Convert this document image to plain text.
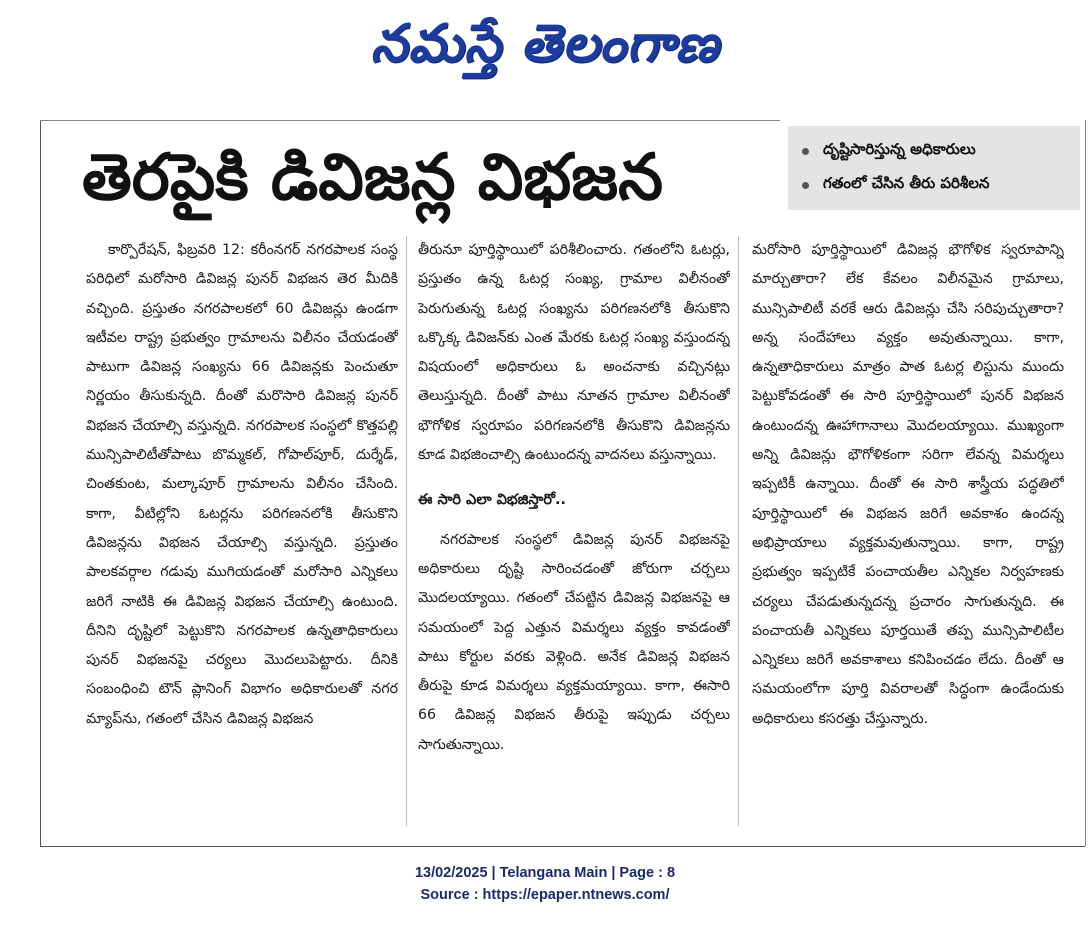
నమస్తే తెలంగాణ
తెరపైకి డివిజన్ల విభజన	దృష్టిసారిస్తున్న అధికారులు
గతంలో చేసిన తీరు పరిశీలన

కార్పొరేషన్, ఫిబ్రవరి 12: కరీంనగర్ నగరపాలక సంస్థ పరిధిలో మరోసారి డివిజన్ల పునర్ విభజన తెర మీదికి వచ్చింది. ప్రస్తుతం నగరపాలకలో 60 డివిజన్లు ఉండగా ఇటీవల రాష్ట్ర ప్రభుత్వం గ్రామాలను విలీనం చేయడంతో పాటుగా డివిజన్ల సంఖ్యను 66 డివిజన్లకు పెంచుతూ నిర్ణయం తీసుకున్నది. దీంతో మరొసారి డివిజన్ల పునర్ విభజన చేయాల్సి వస్తున్నది. నగరపాలక సంస్థలో కొత్తపల్లి మున్సిపాలిటీతోపాటు బొమ్మకల్, గోపాల్‌పూర్, దుర్శేడ్, చింతకుంట, మల్కాపూర్ గ్రామాలను విలీనం చేసింది. కాగా, వీటిల్లోని ఓటర్లను పరిగణనలోకి తీసుకొని డివిజన్లను విభజన చేయాల్సి వస్తున్నది. ప్రస్తుతం పాలకవర్గాల గడువు ముగియడంతో మరోసారి ఎన్నికలు జరిగే నాటికి ఈ డివిజన్ల విభజన చేయాల్సి ఉంటుంది. దీనిని దృష్టిలో పెట్టుకొని నగరపాలక ఉన్నతాధికారులు పునర్ విభజనపై చర్యలు మొదలుపెట్టారు. దీనికి సంబంధించి టౌన్ ప్లానింగ్ విభాగం అధికారులతో నగర మ్యాప్‌ను, గతంలో చేసిన డివిజన్ల విభజన

తీరునూ పూర్తిస్థాయిలో పరిశీలించారు. గతంలోని ఓటర్లు, ప్రస్తుతం ఉన్న ఓటర్ల సంఖ్య, గ్రామాల విలీనంతో పెరుగుతున్న ఓటర్ల సంఖ్యను పరిగణనలోకి తీసుకొని ఒక్కొక్క డివిజన్‌కు ఎంత మేరకు ఓటర్ల సంఖ్య వస్తుందన్న విషయంలో అధికారులు ఓ అంచనాకు వచ్చినట్లు తెలుస్తున్నది. దీంతో పాటు నూతన గ్రామాల విలీనంతో భౌగోళిక స్వరూపం పరిగణనలోకి తీసుకొని డివిజన్లను కూడ విభజించాల్సి ఉంటుందన్న వాదనలు వస్తున్నాయి.

ఈ సారి ఎలా విభజిస్తారో..

నగరపాలక సంస్థలో డివిజన్ల పునర్ విభజనపై అధికారులు దృష్టి సారించడంతో జోరుగా చర్చలు మొదలయ్యాయి. గతంలో చేపట్టిన డివిజన్ల విభజనపై ఆ సమయంలో పెద్ద ఎత్తున విమర్శలు వ్యక్తం కావడంతో పాటు కోర్టుల వరకు వెళ్లింది. అనేక డివిజన్ల విభజన తీరుపై కూడ విమర్శలు వ్యక్తమయ్యాయి. కాగా, ఈసారి 66 డివిజన్ల విభజన తీరుపై ఇప్పుడు చర్చలు సాగుతున్నాయి.

మరోసారి పూర్తిస్థాయిలో డివిజన్ల భౌగోళిక స్వరూపాన్ని మార్చుతారా? లేక కేవలం విలీనమైన గ్రామాలు, మున్సిపాలిటీ వరకే ఆరు డివిజన్లు చేసి సరిపుచ్చుతారా? అన్న సందేహాలు వ్యక్తం అవుతున్నాయి. కాగా, ఉన్నతాధికారులు మాత్రం పాత ఓటర్ల లిస్టును ముందు పెట్టుకోవడంతో ఈ సారి పూర్తిస్థాయిలో పునర్ విభజన ఉంటుందన్న ఊహాగానాలు మొదలయ్యాయి. ముఖ్యంగా అన్ని డివిజన్లు భౌగోళికంగా సరిగా లేవన్న విమర్శలు ఇప్పటికీ ఉన్నాయి. దీంతో ఈ సారి శాస్త్రీయ పద్ధతిలో పూర్తిస్థాయిలో ఈ విభజన జరిగే అవకాశం ఉందన్న అభిప్రాయాలు వ్యక్తమవుతున్నాయి. కాగా, రాష్ట్ర ప్రభుత్వం ఇప్పటికే పంచాయతీల ఎన్నికల నిర్వహణకు చర్యలు చేపడుతున్నదన్న ప్రచారం సాగుతున్నది. ఈ పంచాయతీ ఎన్నికలు పూర్తయితే తప్ప మున్సిపాలిటీల ఎన్నికలు జరిగే అవకాశాలు కనిపించడం లేదు. దీంతో ఆ సమయంలోగా పూర్తి వివరాలతో సిద్ధంగా ఉండేందుకు అధికారులు కసరత్తు చేస్తున్నారు.

13/02/2025 | Telangana Main | Page : 8
Source : https://epaper.ntnews.com/
